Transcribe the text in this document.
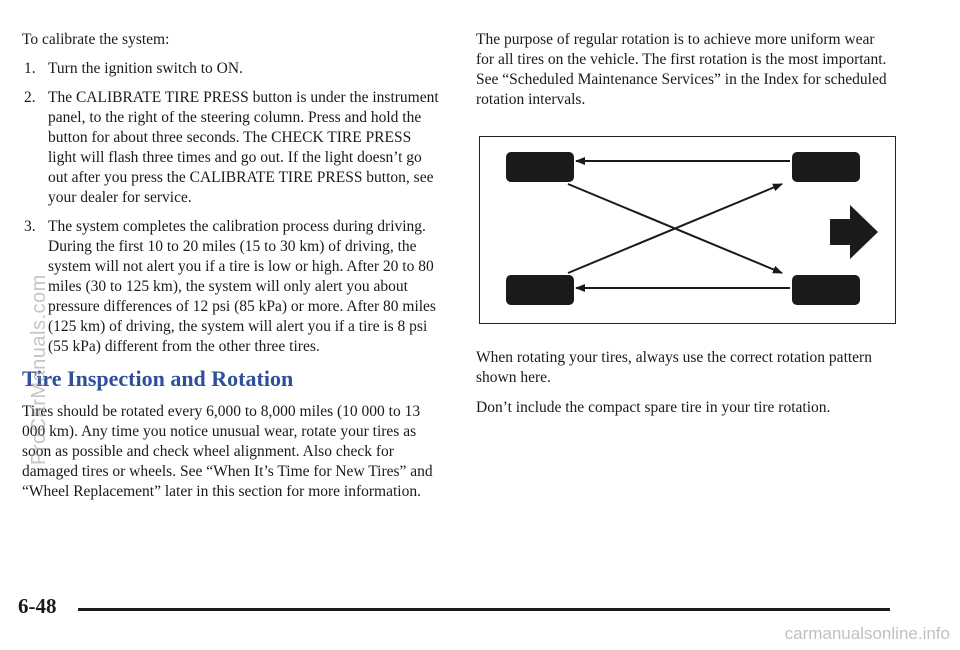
To calibrate the system:

1. Turn the ignition switch to ON.
2. The CALIBRATE TIRE PRESS button is under the instrument panel, to the right of the steering column. Press and hold the button for about three seconds. The CHECK TIRE PRESS light will flash three times and go out. If the light doesn’t go out after you press the CALIBRATE TIRE PRESS button, see your dealer for service.
3. The system completes the calibration process during driving. During the first 10 to 20 miles (15 to 30 km) of driving, the system will not alert you if a tire is low or high. After 20 to 80 miles (30 to 125 km), the system will only alert you about pressure differences of 12 psi (85 kPa) or more. After 80 miles (125 km) of driving, the system will alert you if a tire is 8 psi (55 kPa) different from the other three tires.
Tire Inspection and Rotation

Tires should be rotated every 6,000 to 8,000 miles (10 000 to 13 000 km). Any time you notice unusual wear, rotate your tires as soon as possible and check wheel alignment. Also check for damaged tires or wheels. See “When It’s Time for New Tires” and “Wheel Replacement” later in this section for more information.

The purpose of regular rotation is to achieve more uniform wear for all tires on the vehicle. The first rotation is the most important. See “Scheduled Maintenance Services” in the Index for scheduled rotation intervals.

When rotating your tires, always use the correct rotation pattern shown here.

Don’t include the compact spare tire in your tire rotation.

6-48
ProCarManuals.com
carmanualsonline.info
